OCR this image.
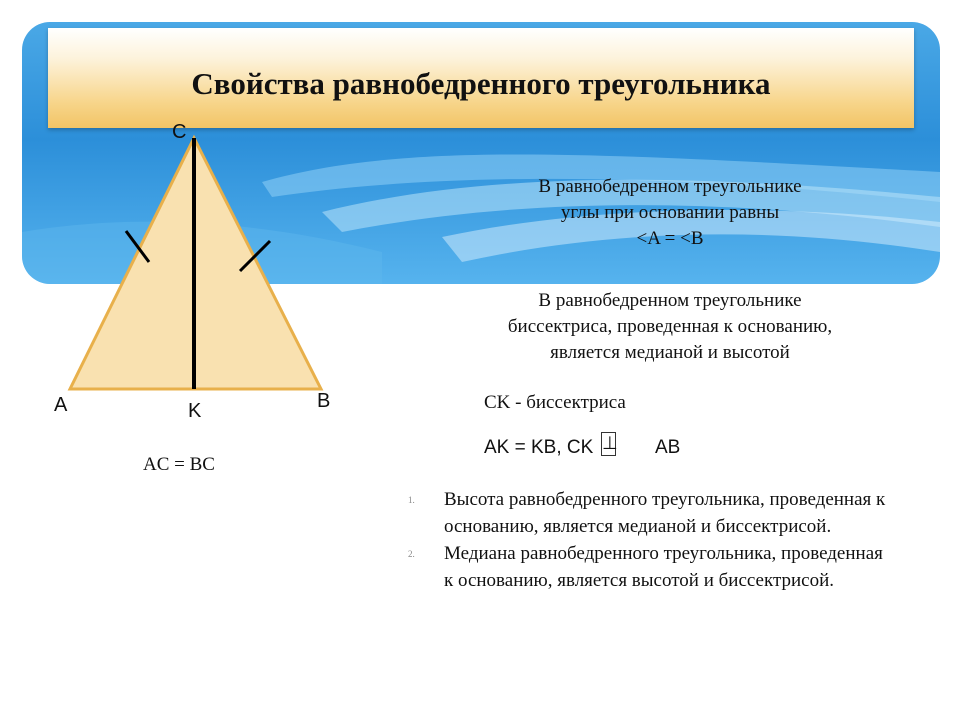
Свойства равнобедренного треугольника
C
A	B
K
AC = BC
В равнобедренном треугольнике
углы при основании равны
<A = <B
В равнобедренном треугольнике
биссектриса, проведенная к основанию,
является медианой и высотой
CK - биссектриса
AK = KB, CK ⊥ AB
1. Высота равнобедренного треугольника, проведенная к основанию, является медианой и биссектрисой.
2. Медиана равнобедренного треугольника, проведенная к основанию, является высотой и биссектрисой.
